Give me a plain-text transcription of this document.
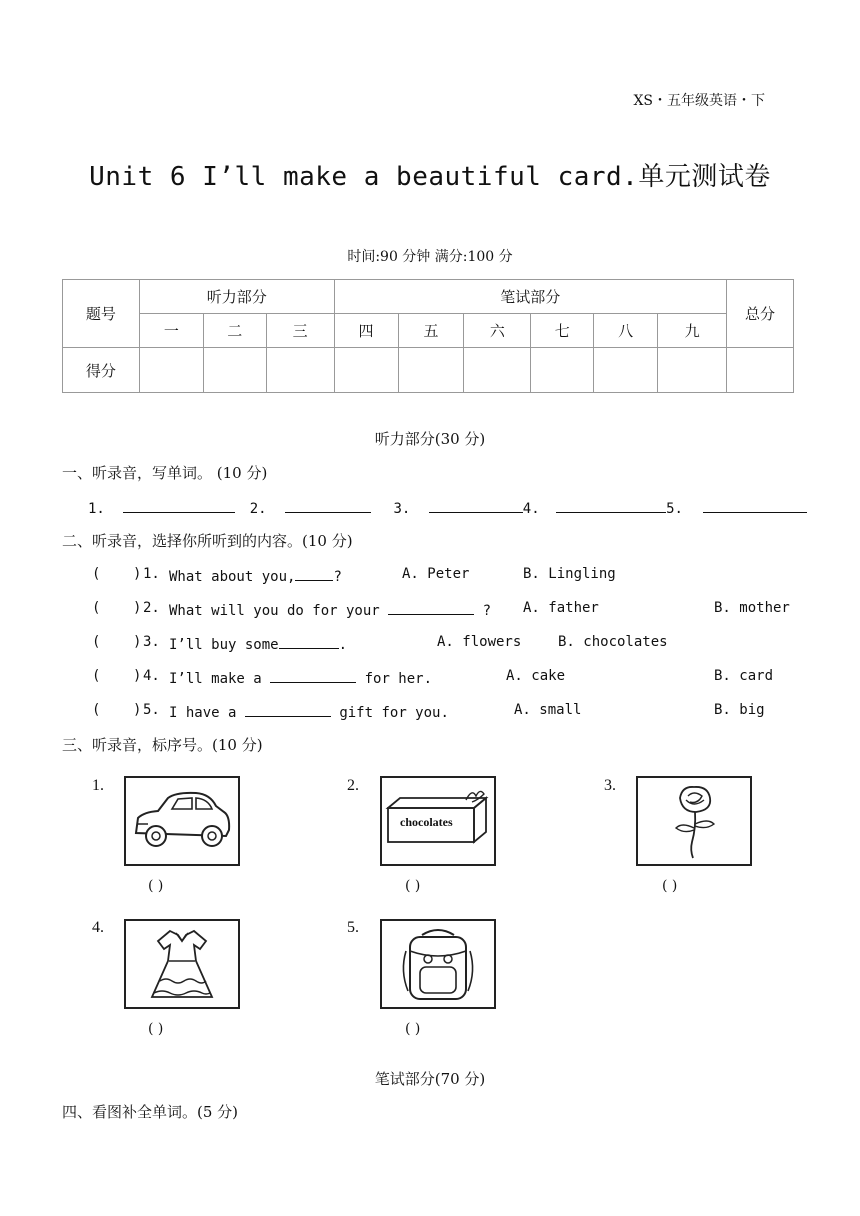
XS・五年级英语・下
Unit 6 I’ll make a beautiful card.单元测试卷
时间:90 分钟 满分:100 分
题号	听力部分			笔试部分						总分
	一	二	三	四	五	六	七	八	九	
得分										
听力部分(30 分)
一、听录音，写单词。 (10 分)
1.	2.	3.	4.	5.
二、听录音，选择你所听到的内容。(10 分)
( ) 1. What about you,	?	A. Peter	B. Lingling
( ) 2. What will you do for your	? A. father	B. mother
( ) 3. I’ll buy some	.	A. flowers	B. chocolates
( ) 4. I’ll make a	for her.	A. cake	B. card
( ) 5. I have a	gift for you.	A. small	B. big
三、听录音，标序号。(10 分)
1.
( )
2.
chocolates
( )
3.
( )
4.
( )
5.
( )
笔试部分(70 分)
四、看图补全单词。(5 分)
